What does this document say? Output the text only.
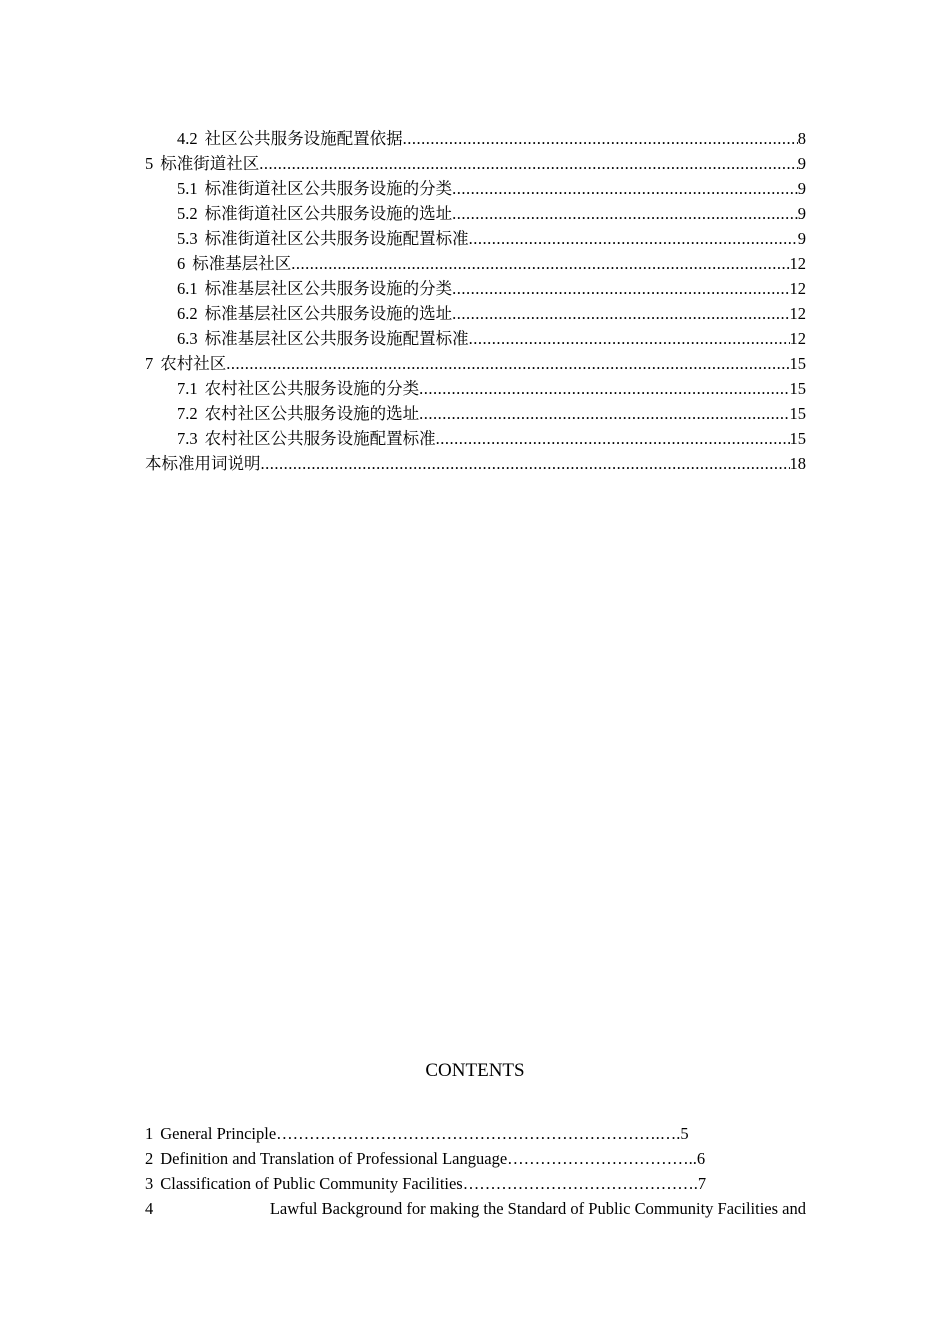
4.2 社区公共服务设施配置依据 .....	8
5 标准街道社区 .....	9
5.1 标准街道社区公共服务设施的分类 .....	9
5.2 标准街道社区公共服务设施的选址 .....	9
5.3 标准街道社区公共服务设施配置标准 .....	9
6 标准基层社区 .....	12
6.1 标准基层社区公共服务设施的分类 .....	12
6.2 标准基层社区公共服务设施的选址 .....	12
6.3 标准基层社区公共服务设施配置标准 .....	12
7 农村社区 .....	15
7.1 农村社区公共服务设施的分类 .....	15
7.2 农村社区公共服务设施的选址 .....	15
7.3 农村社区公共服务设施配置标准 .....	15
本标准用词说明 .....	18
CONTENTS
1 General Principle…………………………………………………………….….5
2 Definition and Translation of Professional Language……………………………..6
3 Classification of Public Community Facilities…………………………………….7
4	Lawful Background for making the Standard of Public Community Facilities and
